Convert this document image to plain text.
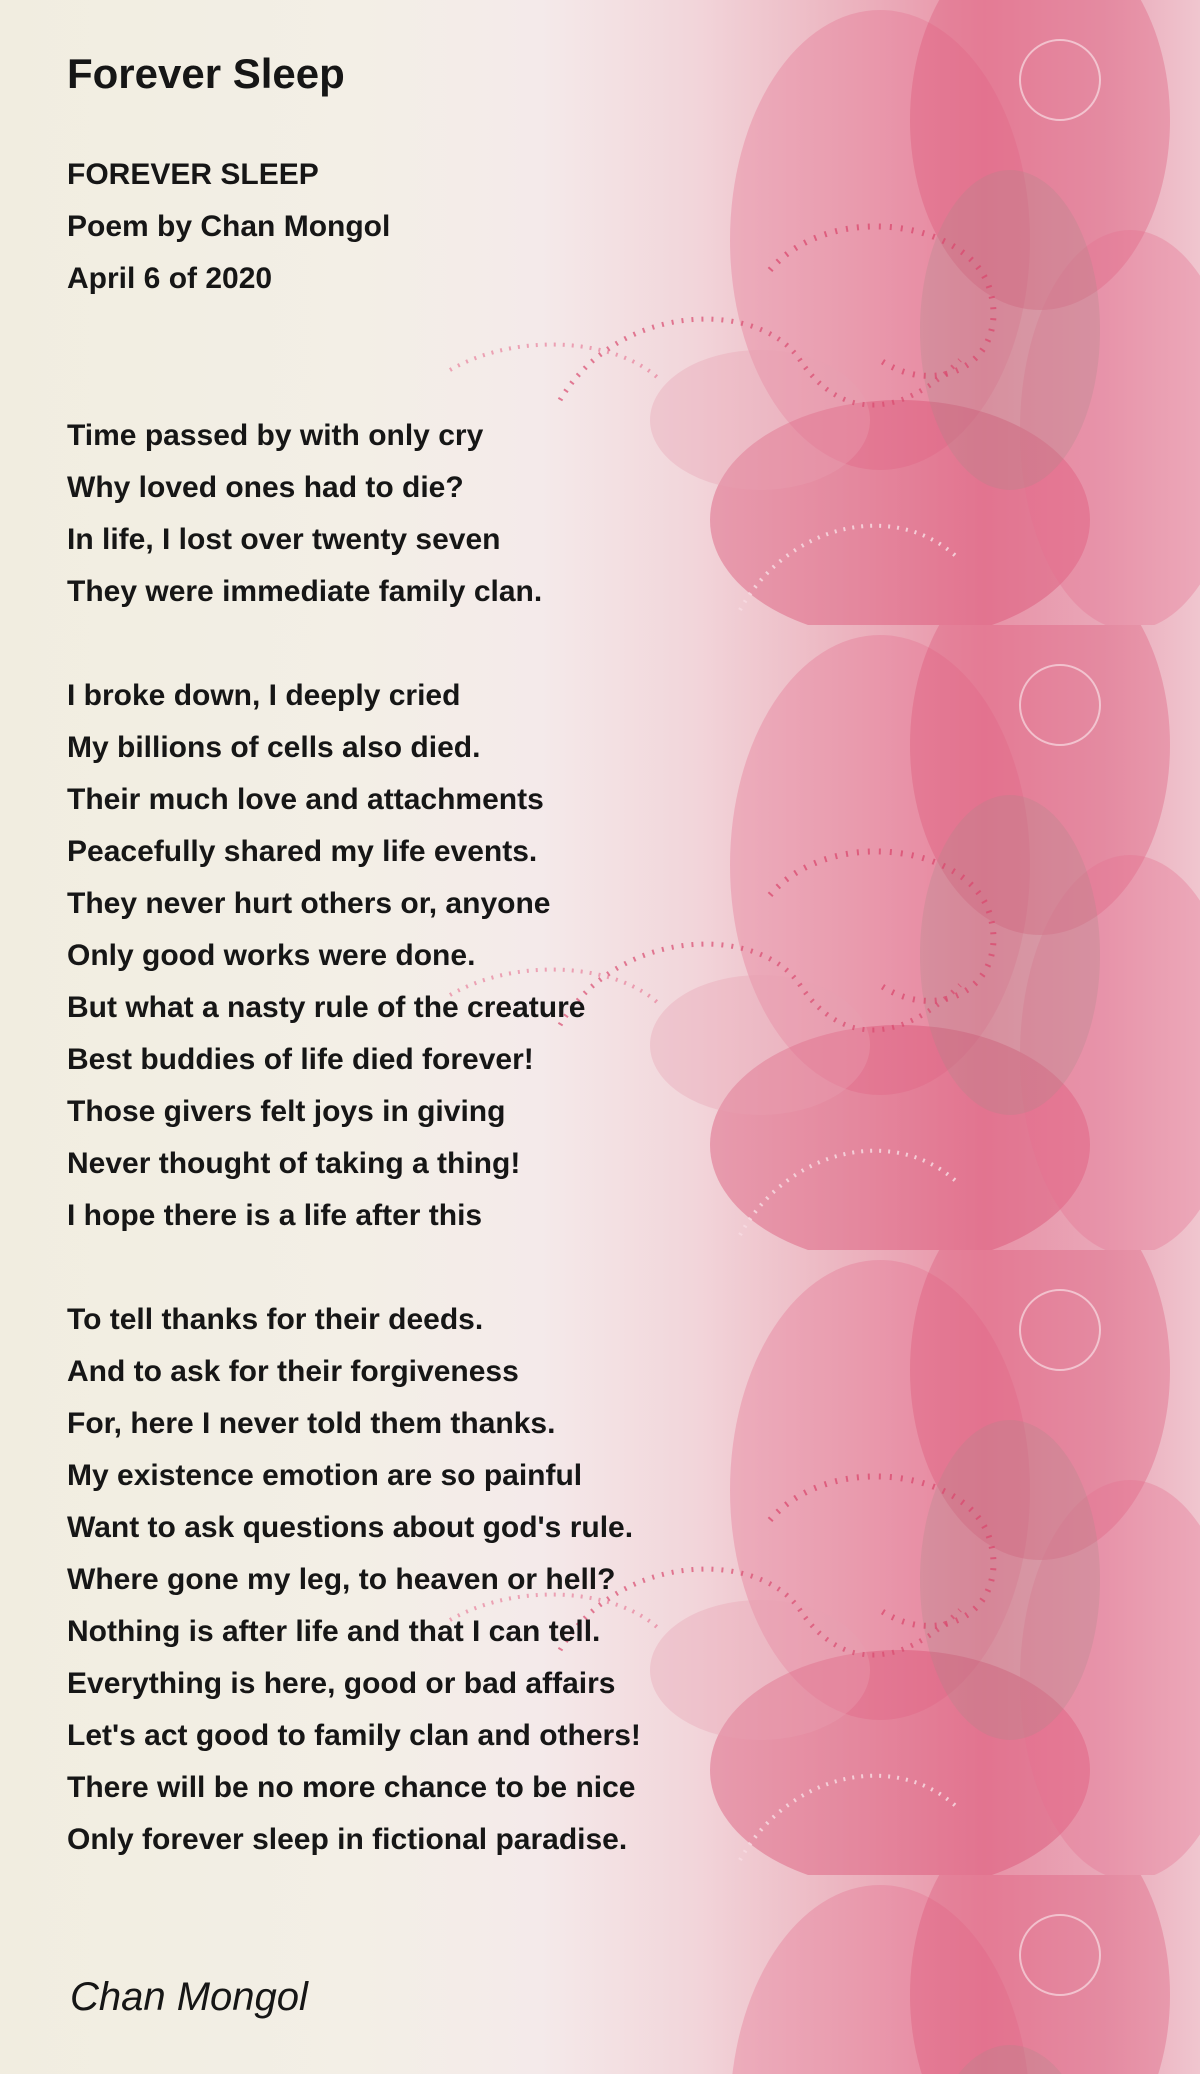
Forever Sleep
FOREVER SLEEP
Poem by Chan Mongol
April 6 of 2020
Time passed by with only cry
Why loved ones had to die?
In life, I lost over twenty seven
They were immediate family clan.
I broke down, I deeply cried
My billions of cells also died.
Their much love and attachments
Peacefully shared my life events.
They never hurt others or, anyone
Only good works were done.
But what a nasty rule of the creature
Best buddies of life died forever!
Those givers felt joys in giving
Never thought of taking a thing!
I hope there is a life after this
To tell thanks for their deeds.
And to ask for their forgiveness
For, here I never told them thanks.
My existence emotion are so painful
Want to ask questions about god's rule.
Where gone my leg, to heaven or hell?
Nothing is after life and that I can tell.
Everything is here, good or bad affairs
Let's act good to family clan and others!
There will be no more chance to be nice
Only forever sleep in fictional paradise.
Chan Mongol
